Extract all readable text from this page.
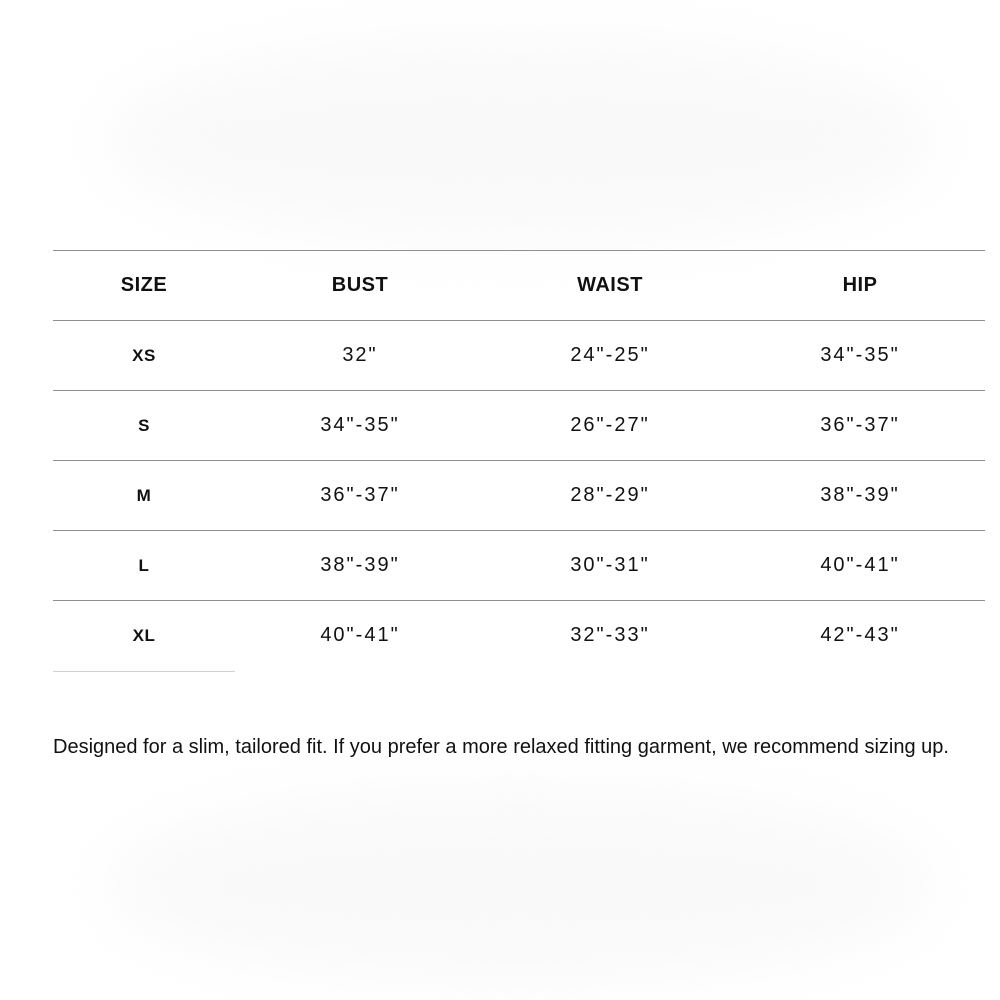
SIZE	BUST	WAIST	HIP
XS	32"	24"-25"	34"-35"
S	34"-35"	26"-27"	36"-37"
M	36"-37"	28"-29"	38"-39"
L	38"-39"	30"-31"	40"-41"
XL	40"-41"	32"-33"	42"-43"

Designed for a slim, tailored fit. If you prefer a more relaxed fitting garment, we recommend sizing up.
